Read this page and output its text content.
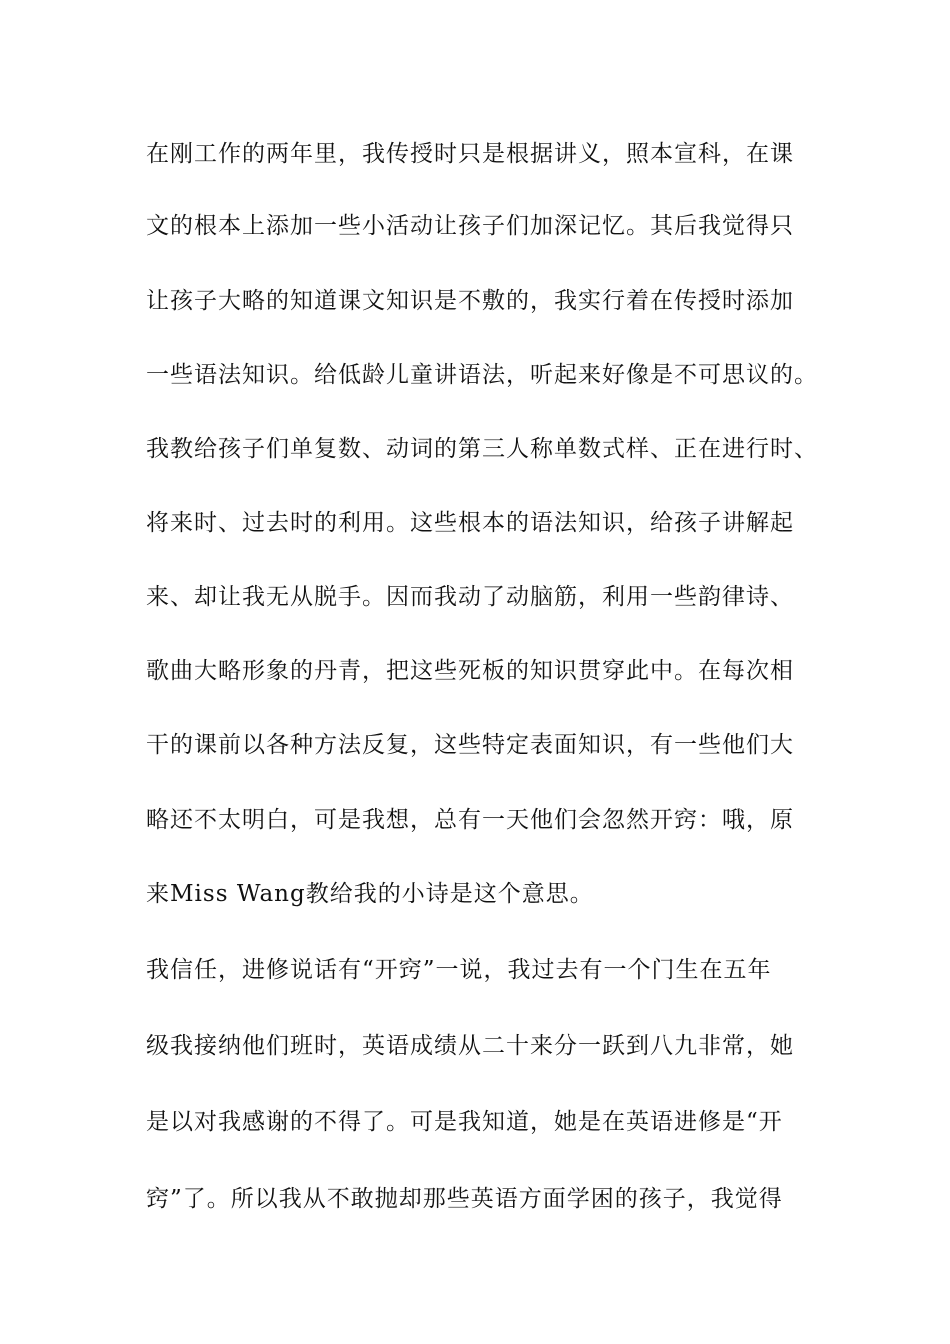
在刚工作的两年里，我传授时只是根据讲义，照本宣科，在课
文的根本上添加一些小活动让孩子们加深记忆。其后我觉得只
让孩子大略的知道课文知识是不敷的，我实行着在传授时添加
一些语法知识。给低龄儿童讲语法，听起来好像是不可思议的。
我教给孩子们单复数、动词的第三人称单数式样、正在进行时、
将来时、过去时的利用。这些根本的语法知识，给孩子讲解起
来、却让我无从脱手。因而我动了动脑筋，利用一些韵律诗、
歌曲大略形象的丹青，把这些死板的知识贯穿此中。在每次相
干的课前以各种方法反复，这些特定表面知识，有一些他们大
略还不太明白，可是我想，总有一天他们会忽然开窍：哦，原
来Miss Wang教给我的小诗是这个意思。
我信任，进修说话有“开窍”一说，我过去有一个门生在五年
级我接纳他们班时，英语成绩从二十来分一跃到八九非常，她
是以对我感谢的不得了。可是我知道，她是在英语进修是“开
窍”了。所以我从不敢抛却那些英语方面学困的孩子，我觉得
